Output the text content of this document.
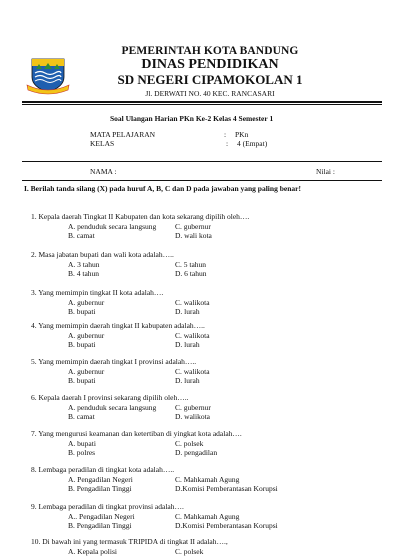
PEMERINTAH KOTA BANDUNG
DINAS PENDIDIKAN
SD NEGERI CIPAMOKOLAN 1
Jl. DERWATI NO. 40 KEC. RANCASARI
Soal Ulangan Harian PKn Ke-2 Kelas 4 Semester 1
MATA PELAJARAN	: PKn
KELAS	: 4 (Empat)
NAMA :	Nilai :
I. Berilah tanda silang (X) pada huruf A, B, C dan D pada jawaban yang paling benar!
1. Kepala daerah Tingkat II Kabupaten dan kota sekarang dipilih oleh….
A. penduduk secara langsung C. gubernur
B. camat	D. wali kota
2. Masa jabatan bupati dan wali kota adalah…..
A. 3 tahun	C. 5 tahun
B. 4 tahun	D. 6 tahun
3. Yang memimpin tingkat II kota adalah….
A. gubernur	C. walikota
B. bupati	D. lurah
4. Yang memimpin daerah tingkat II kabupaten adalah…..
A. gubernur	C. walikota
B. bupati	D. lurah
5. Yang memimpin daerah tingkat I provinsi adalah…..
A. gubernur	C. walikota
B. bupati	D. lurah
6. Kepala daerah I provinsi sekarang dipilih oleh…..
A. penduduk secara langsung C. gubernur
B. camat	D. walikota
7. Yang mengurusi keamanan dan ketertiban di yingkat kota adalah….
A. bupati	C. polsek
B. polres	D. pengadilan
8. Lembaga peradilan di tingkat kota adalah…..
A. Pengadilan Negeri	C. Mahkamah Agung
B. Pengadilan Tinggi	D.Komisi Pemberantasan Korupsi
9. Lembaga peradilan di tingkat provinsi adalah….
A.. Pengadilan Negeri	C. Mahkamah Agung
B. Pengadilan Tinggi	D.Komisi Pemberantasan Korupsi
10. Di bawah ini yang termasuk TRIPIDA di tingkat II adalah….,
A. Kepala polisi	C. polsek
